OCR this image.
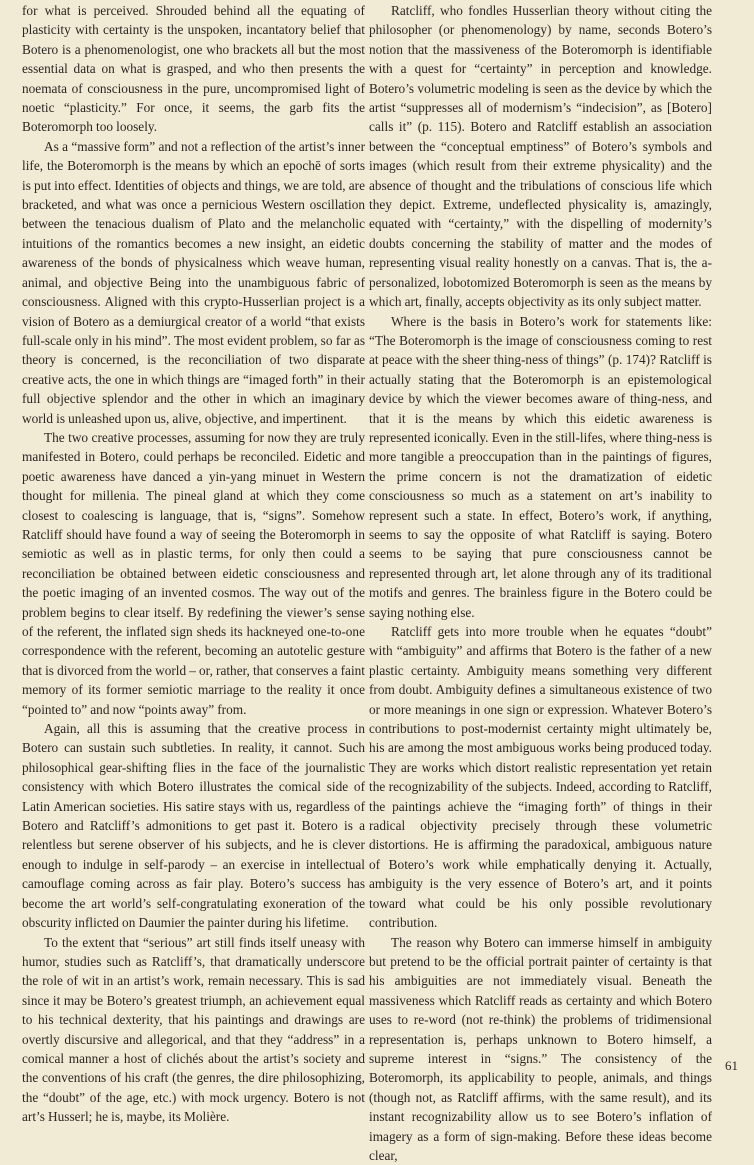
for what is perceived. Shrouded behind all the equating of plasticity with certainty is the unspoken, incantatory belief that Botero is a phenomenologist, one who brackets all but the most essential data on what is grasped, and who then presents the noemata of consciousness in the pure, uncompromised light of noetic “plasticity.” For once, it seems, the garb fits the Boteromorph too loosely.

As a “massive form” and not a reflection of the artist’s inner life, the Boteromorph is the means by which an epochē of sorts is put into effect. Identities of objects and things, we are told, are bracketed, and what was once a pernicious Western oscillation between the tenacious dualism of Plato and the melancholic intuitions of the romantics becomes a new insight, an eidetic awareness of the bonds of physicalness which weave human, animal, and objective Being into the unambiguous fabric of consciousness. Aligned with this crypto-Husserlian project is a vision of Botero as a demiurgical creator of a world “that exists full-scale only in his mind”. The most evident problem, so far as theory is concerned, is the reconciliation of two disparate creative acts, the one in which things are “imaged forth” in their full objective splendor and the other in which an imaginary world is unleashed upon us, alive, objective, and impertinent.

The two creative processes, assuming for now they are truly manifested in Botero, could perhaps be reconciled. Eidetic and poetic awareness have danced a yin-yang minuet in Western thought for millenia. The pineal gland at which they come closest to coalescing is language, that is, “signs”. Somehow Ratcliff should have found a way of seeing the Boteromorph in semiotic as well as in plastic terms, for only then could a reconciliation be obtained between eidetic consciousness and the poetic imaging of an invented cosmos. The way out of the problem begins to clear itself. By redefining the viewer’s sense of the referent, the inflated sign sheds its hackneyed one-to-one correspondence with the referent, becoming an autotelic gesture that is divorced from the world – or, rather, that conserves a faint memory of its former semiotic marriage to the reality it once “pointed to” and now “points away” from.

Again, all this is assuming that the creative process in Botero can sustain such subtleties. In reality, it cannot. Such philosophical gear-shifting flies in the face of the journalistic consistency with which Botero illustrates the comical side of Latin American societies. His satire stays with us, regardless of Botero and Ratcliff’s admonitions to get past it. Botero is a relentless but serene observer of his subjects, and he is clever enough to indulge in self-parody – an exercise in intellectual camouflage coming across as fair play. Botero’s success has become the art world’s self-congratulating exoneration of the obscurity inflicted on Daumier the painter during his lifetime.

To the extent that “serious” art still finds itself uneasy with humor, studies such as Ratcliff’s, that dramatically underscore the role of wit in an artist’s work, remain necessary. This is sad since it may be Botero’s greatest triumph, an achievement equal to his technical dexterity, that his paintings and drawings are overtly discursive and allegorical, and that they “address” in a comical manner a host of clichés about the artist’s society and the conventions of his craft (the genres, the dire philosophizing, the “doubt” of the age, etc.) with mock urgency. Botero is not art’s Husserl; he is, maybe, its Molière.

Ratcliff, who fondles Husserlian theory without citing the philosopher (or phenomenology) by name, seconds Botero’s notion that the massiveness of the Boteromorph is identifiable with a quest for “certainty” in perception and knowledge. Botero’s volumetric modeling is seen as the device by which the artist “suppresses all of modernism’s “indecision”, as [Botero] calls it” (p. 115). Botero and Ratcliff establish an association between the “conceptual emptiness” of Botero’s symbols and images (which result from their extreme physicality) and the absence of thought and the tribulations of conscious life which they depict. Extreme, undeflected physicality is, amazingly, equated with “certainty,” with the dispelling of modernity’s doubts concerning the stability of matter and the modes of representing visual reality honestly on a canvas. That is, the a-personalized, lobotomized Boteromorph is seen as the means by which art, finally, accepts objectivity as its only subject matter.

Where is the basis in Botero’s work for statements like: “The Boteromorph is the image of consciousness coming to rest at peace with the sheer thing-ness of things” (p. 174)? Ratcliff is actually stating that the Boteromorph is an epistemological device by which the viewer becomes aware of thing-ness, and that it is the means by which this eidetic awareness is represented iconically. Even in the still-lifes, where thing-ness is more tangible a preoccupation than in the paintings of figures, the prime concern is not the dramatization of eidetic consciousness so much as a statement on art’s inability to represent such a state. In effect, Botero’s work, if anything, seems to say the opposite of what Ratcliff is saying. Botero seems to be saying that pure consciousness cannot be represented through art, let alone through any of its traditional motifs and genres. The brainless figure in the Botero could be saying nothing else.

Ratcliff gets into more trouble when he equates “doubt” with “ambiguity” and affirms that Botero is the father of a new plastic certainty. Ambiguity means something very different from doubt. Ambiguity defines a simultaneous existence of two or more meanings in one sign or expression. Whatever Botero’s contributions to post-modernist certainty might ultimately be, his are among the most ambiguous works being produced today. They are works which distort realistic representation yet retain the recognizability of the subjects. Indeed, according to Ratcliff, the paintings achieve the “imaging forth” of things in their radical objectivity precisely through these volumetric distortions. He is affirming the paradoxical, ambiguous nature of Botero’s work while emphatically denying it. Actually, ambiguity is the very essence of Botero’s art, and it points toward what could be his only possible revolutionary contribution.

The reason why Botero can immerse himself in ambiguity but pretend to be the official portrait painter of certainty is that his ambiguities are not immediately visual. Beneath the massiveness which Ratcliff reads as certainty and which Botero uses to re-word (not re-think) the problems of tridimensional representation is, perhaps unknown to Botero himself, a supreme interest in “signs.” The consistency of the Boteromorph, its applicability to people, animals, and things (though not, as Ratcliff affirms, with the same result), and its instant recognizability allow us to see Botero’s inflation of imagery as a form of sign-making. Before these ideas become clear,

61
